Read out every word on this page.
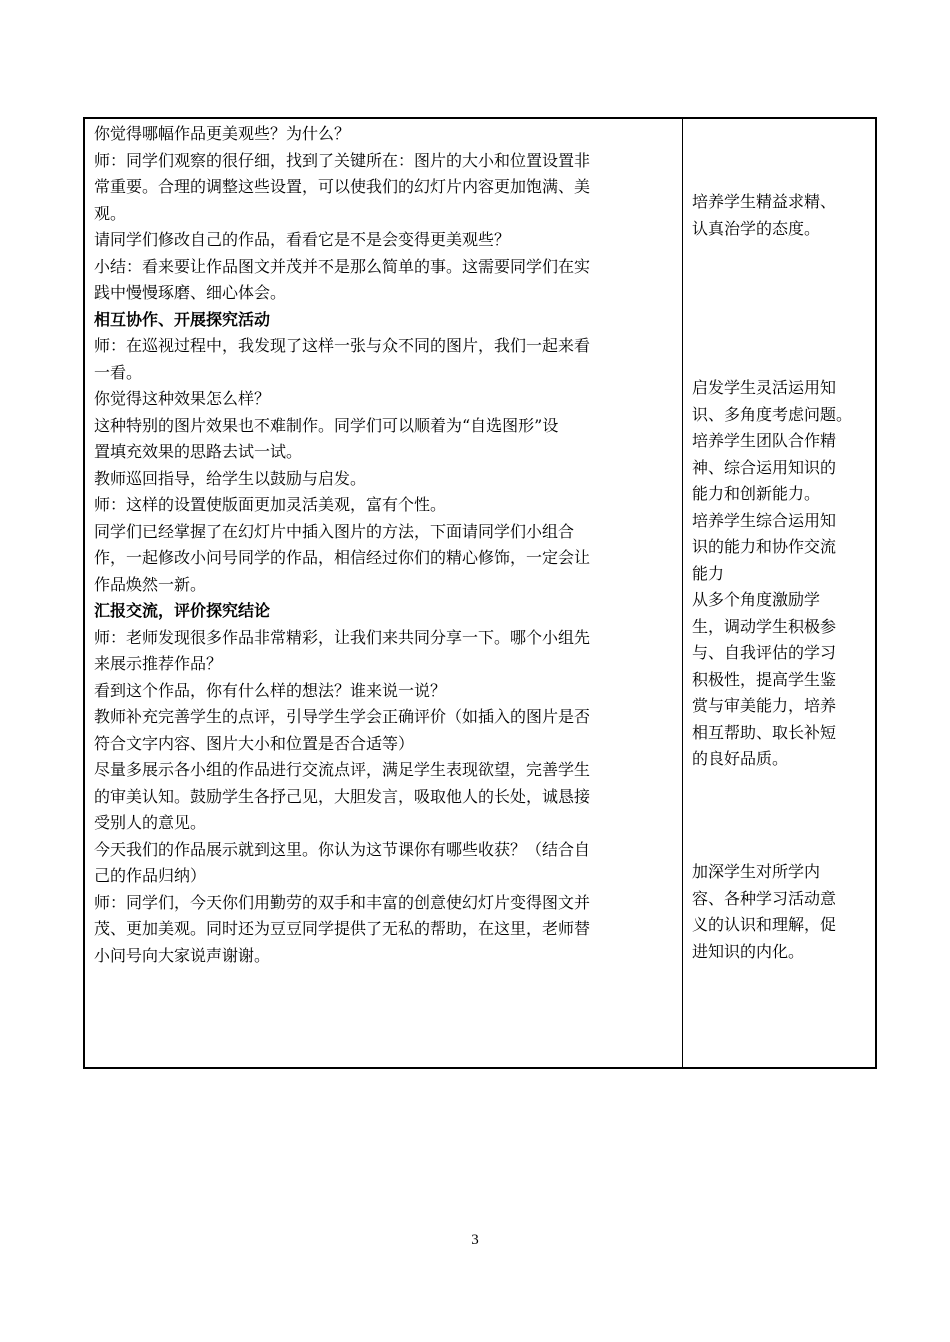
你觉得哪幅作品更美观些？为什么？
师：同学们观察的很仔细，找到了关键所在：图片的大小和位置设置非
常重要。合理的调整这些设置，可以使我们的幻灯片内容更加饱满、美
观。
请同学们修改自己的作品，看看它是不是会变得更美观些？
小结：看来要让作品图文并茂并不是那么简单的事。这需要同学们在实
践中慢慢琢磨、细心体会。
相互协作、开展探究活动
师：在巡视过程中，我发现了这样一张与众不同的图片，我们一起来看
一看。
你觉得这种效果怎么样？
这种特别的图片效果也不难制作。同学们可以顺着为“自选图形”设
置填充效果的思路去试一试。
教师巡回指导，给学生以鼓励与启发。
师：这样的设置使版面更加灵活美观，富有个性。
同学们已经掌握了在幻灯片中插入图片的方法，下面请同学们小组合
作，一起修改小问号同学的作品，相信经过你们的精心修饰，一定会让
作品焕然一新。
汇报交流，评价探究结论
师：老师发现很多作品非常精彩，让我们来共同分享一下。哪个小组先
来展示推荐作品？
看到这个作品，你有什么样的想法？谁来说一说？
教师补充完善学生的点评，引导学生学会正确评价（如插入的图片是否
符合文字内容、图片大小和位置是否合适等）
尽量多展示各小组的作品进行交流点评，满足学生表现欲望，完善学生
的审美认知。鼓励学生各抒己见，大胆发言，吸取他人的长处，诚恳接
受别人的意见。
今天我们的作品展示就到这里。你认为这节课你有哪些收获？（结合自
己的作品归纳）
师：同学们，今天你们用勤劳的双手和丰富的创意使幻灯片变得图文并
茂、更加美观。同时还为豆豆同学提供了无私的帮助，在这里，老师替
小问号向大家说声谢谢。
培养学生精益求精、
认真治学的态度。
启发学生灵活运用知
识、多角度考虑问题。
培养学生团队合作精
神、综合运用知识的
能力和创新能力。
培养学生综合运用知
识的能力和协作交流
能力
从多个角度激励学
生，调动学生积极参
与、自我评估的学习
积极性，提高学生鉴
赏与审美能力，培养
相互帮助、取长补短
的良好品质。
加深学生对所学内
容、各种学习活动意
义的认识和理解，促
进知识的内化。
3
